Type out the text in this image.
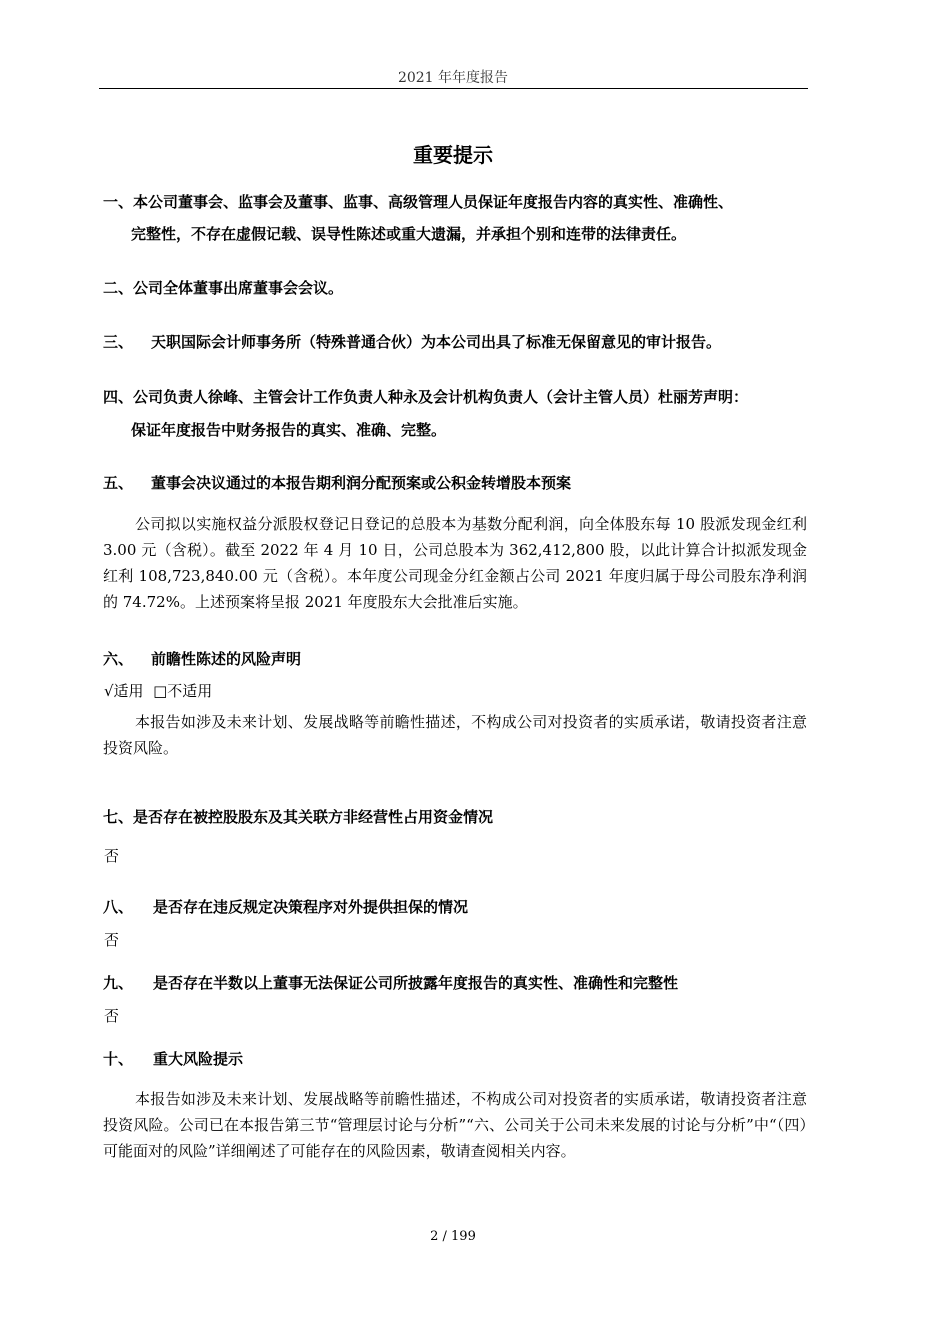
2021 年年度报告
重要提示
一、本公司董事会、监事会及董事、监事、高级管理人员保证年度报告内容的真实性、准确性、
完整性，不存在虚假记载、误导性陈述或重大遗漏，并承担个别和连带的法律责任。
二、公司全体董事出席董事会会议。
三、 天职国际会计师事务所（特殊普通合伙）为本公司出具了标准无保留意见的审计报告。
四、公司负责人徐峰、主管会计工作负责人种永及会计机构负责人（会计主管人员）杜丽芳声明：
保证年度报告中财务报告的真实、准确、完整。
五、 董事会决议通过的本报告期利润分配预案或公积金转增股本预案
公司拟以实施权益分派股权登记日登记的总股本为基数分配利润，向全体股东每 10 股派发现金红利 3.00 元（含税）。截至 2022 年 4 月 10 日，公司总股本为 362,412,800 股，以此计算合计拟派发现金红利 108,723,840.00 元（含税）。本年度公司现金分红金额占公司 2021 年度归属于母公司股东净利润的 74.72%。上述预案将呈报 2021 年度股东大会批准后实施。
六、 前瞻性陈述的风险声明
√适用  □不适用
本报告如涉及未来计划、发展战略等前瞻性描述，不构成公司对投资者的实质承诺，敬请投资者注意投资风险。
七、是否存在被控股股东及其关联方非经营性占用资金情况
否
八、 是否存在违反规定决策程序对外提供担保的情况
否
九、 是否存在半数以上董事无法保证公司所披露年度报告的真实性、准确性和完整性
否
十、 重大风险提示
本报告如涉及未来计划、发展战略等前瞻性描述，不构成公司对投资者的实质承诺，敬请投资者注意投资风险。公司已在本报告第三节“管理层讨论与分析”“六、公司关于公司未来发展的讨论与分析”中“（四）可能面对的风险”详细阐述了可能存在的风险因素，敬请查阅相关内容。
2 / 199
